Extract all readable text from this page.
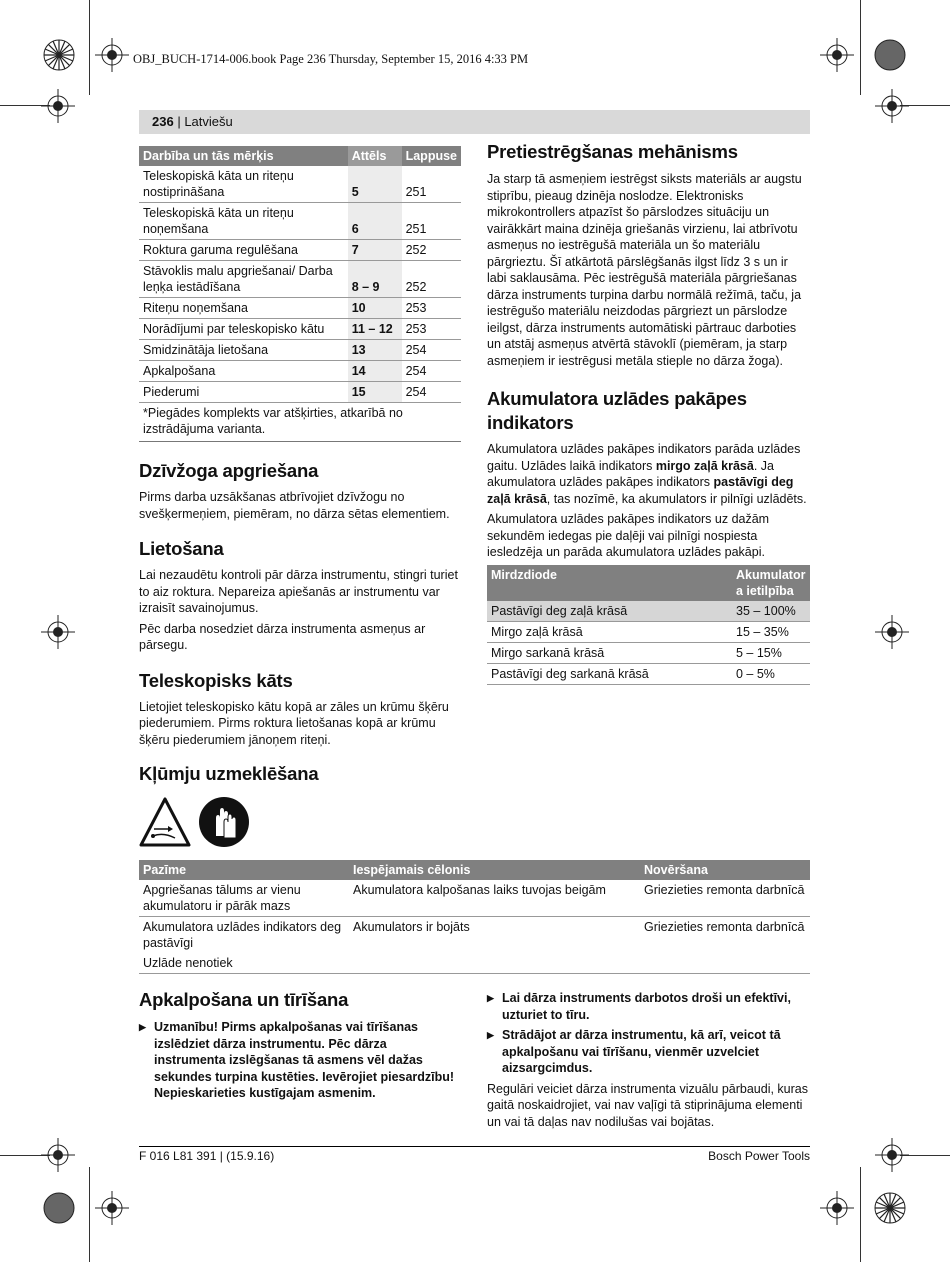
OBJ_BUCH-1714-006.book Page 236 Thursday, September 15, 2016 4:33 PM
236 | Latviešu
Darbība un tās mērķis	Attēls	Lappuse
Teleskopiskā kāta un riteņu nostiprināšana	5	251
Teleskopiskā kāta un riteņu noņemšana	6	251
Roktura garuma regulēšana	7	252
Stāvoklis malu apgriešanai/ Darba leņķa iestādīšana	8 – 9	252
Riteņu noņemšana	10	253
Norādījumi par teleskopisko kātu	11 – 12	253
Smidzinātāja lietošana	13	254
Apkalpošana	14	254
Piederumi	15	254
*Piegādes komplekts var atšķirties, atkarībā no izstrādājuma varianta.
Dzīvžoga apgriešana

Pirms darba uzsākšanas atbrīvojiet dzīvžogu no svešķermeņiem, piemēram, no dārza sētas elementiem.

Lietošana

Lai nezaudētu kontroli pār dārza instrumentu, stingri turiet to aiz roktura. Nepareiza apiešanās ar instrumentu var izraisīt savainojumus.

Pēc darba nosedziet dārza instrumenta asmeņus ar pārsegu.

Teleskopisks kāts

Lietojiet teleskopisko kātu kopā ar zāles un krūmu šķēru piederumiem. Pirms roktura lietošanas kopā ar krūmu šķēru piederumiem jānoņem riteņi.

Pretiestrēgšanas mehānisms

Ja starp tā asmeņiem iestrēgst siksts materiāls ar augstu stiprību, pieaug dzinēja noslodze. Elektronisks mikrokontrollers atpazīst šo pārslodzes situāciju un vairākkārt maina dzinēja griešanās virzienu, lai atbrīvotu asmeņus no iestrēgušā materiāla un šo materiālu pārgrieztu. Šī atkārtotā pārslēgšanās ilgst līdz 3 s un ir labi saklausāma. Pēc iestrēgušā materiāla pārgriešanas dārza instruments turpina darbu normālā režīmā, taču, ja iestrēgušo materiālu neizdodas pārgriezt un pārslodze ieilgst, dārza instruments automātiski pārtrauc darboties un atstāj asmeņus atvērtā stāvoklī (piemēram, ja starp asmeņiem ir iestrēgusi metāla stieple no dārza žoga).

Akumulatora uzlādes pakāpes indikators

Akumulatora uzlādes pakāpes indikators parāda uzlādes gaitu. Uzlādes laikā indikators mirgo zaļā krāsā. Ja akumulatora uzlādes pakāpes indikators pastāvīgi deg zaļā krāsā, tas nozīmē, ka akumulators ir pilnīgi uzlādēts.

Akumulatora uzlādes pakāpes indikators uz dažām sekundēm iedegas pie daļēji vai pilnīgi nospiesta iesledzēja un parāda akumulatora uzlādes pakāpi.

Mirdzdiode	Akumulator a ietilpība
Pastāvīgi deg zaļā krāsā	35 – 100%
Mirgo zaļā krāsā	15 – 35%
Mirgo sarkanā krāsā	5 – 15%
Pastāvīgi deg sarkanā krāsā	0 – 5%
Kļūmju uzmeklēšana
Pazīme	Iespējamais cēlonis	Novēršana
Apgriešanas tālums ar vienu akumulatoru ir pārāk mazs	Akumulatora kalpošanas laiks tuvojas beigām	Griezieties remonta darbnīcā
Akumulatora uzlādes indikators deg pastāvīgi	Akumulators ir bojāts	Griezieties remonta darbnīcā
Uzlāde nenotiek		
Apkalpošana un tīrīšana
▶ Uzmanību! Pirms apkalpošanas vai tīrīšanas izslēdziet dārza instrumentu. Pēc dārza instrumenta izslēgšanas tā asmens vēl dažas sekundes turpina kustēties. Ievērojiet piesardzību! Nepieskarieties kustīgajam asmenim.
▶ Lai dārza instruments darbotos droši un efektīvi, uzturiet to tīru.
▶ Strādājot ar dārza instrumentu, kā arī, veicot tā apkalpošanu vai tīrīšanu, vienmēr uzvelciet aizsargcimdus.

Regulāri veiciet dārza instrumenta vizuālu pārbaudi, kuras gaitā noskaidrojiet, vai nav vaļīgi tā stiprinājuma elementi un vai tā daļas nav nodilušas vai bojātas.

F 016 L81 391 | (15.9.16)	Bosch Power Tools
